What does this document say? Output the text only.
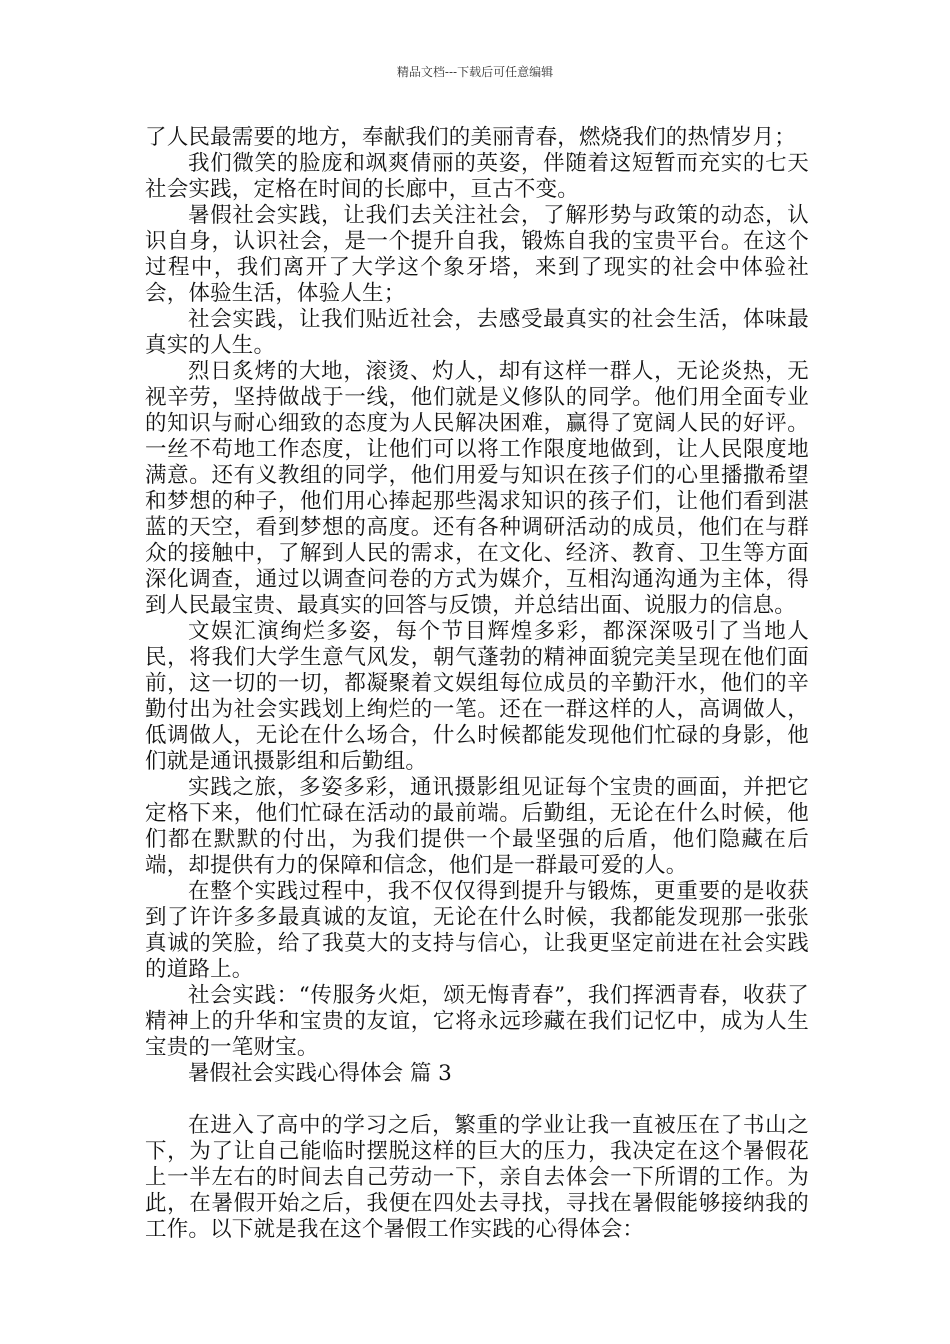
精品文档---下载后可任意编辑

了人民最需要的地方，奉献我们的美丽青春，燃烧我们的热情岁月；

我们微笑的脸庞和飒爽倩丽的英姿，伴随着这短暂而充实的七天社会实践，定格在时间的长廊中，亘古不变。

暑假社会实践，让我们去关注社会，了解形势与政策的动态，认识自身，认识社会，是一个提升自我，锻炼自我的宝贵平台。在这个过程中，我们离开了大学这个象牙塔，来到了现实的社会中体验社会，体验生活，体验人生；

社会实践，让我们贴近社会，去感受最真实的社会生活，体味最真实的人生。

烈日炙烤的大地，滚烫、灼人，却有这样一群人，无论炎热，无视辛劳，坚持做战于一线，他们就是义修队的同学。他们用全面专业的知识与耐心细致的态度为人民解决困难，赢得了宽阔人民的好评。一丝不苟地工作态度，让他们可以将工作限度地做到，让人民限度地满意。还有义教组的同学，他们用爱与知识在孩子们的心里播撒希望和梦想的种子，他们用心捧起那些渴求知识的孩子们，让他们看到湛蓝的天空，看到梦想的高度。还有各种调研活动的成员，他们在与群众的接触中，了解到人民的需求，在文化、经济、教育、卫生等方面深化调查，通过以调查问卷的方式为媒介，互相沟通沟通为主体，得到人民最宝贵、最真实的回答与反馈，并总结出面、说服力的信息。

文娱汇演绚烂多姿，每个节目辉煌多彩，都深深吸引了当地人民，将我们大学生意气风发，朝气蓬勃的精神面貌完美呈现在他们面前，这一切的一切，都凝聚着文娱组每位成员的辛勤汗水，他们的辛勤付出为社会实践划上绚烂的一笔。还在一群这样的人，高调做人，低调做人，无论在什么场合，什么时候都能发现他们忙碌的身影，他们就是通讯摄影组和后勤组。

实践之旅，多姿多彩，通讯摄影组见证每个宝贵的画面，并把它定格下来，他们忙碌在活动的最前端。后勤组，无论在什么时候，他们都在默默的付出，为我们提供一个最坚强的后盾，他们隐藏在后端，却提供有力的保障和信念，他们是一群最可爱的人。

在整个实践过程中，我不仅仅得到提升与锻炼，更重要的是收获到了许许多多最真诚的友谊，无论在什么时候，我都能发现那一张张真诚的笑脸，给了我莫大的支持与信心，让我更坚定前进在社会实践的道路上。

社会实践：“传服务火炬，颂无悔青春”，我们挥洒青春，收获了精神上的升华和宝贵的友谊，它将永远珍藏在我们记忆中，成为人生宝贵的一笔财宝。

暑假社会实践心得体会 篇 3

在进入了高中的学习之后，繁重的学业让我一直被压在了书山之下，为了让自己能临时摆脱这样的巨大的压力，我决定在这个暑假花上一半左右的时间去自己劳动一下，亲自去体会一下所谓的工作。为此，在暑假开始之后，我便在四处去寻找，寻找在暑假能够接纳我的工作。以下就是我在这个暑假工作实践的心得体会：
